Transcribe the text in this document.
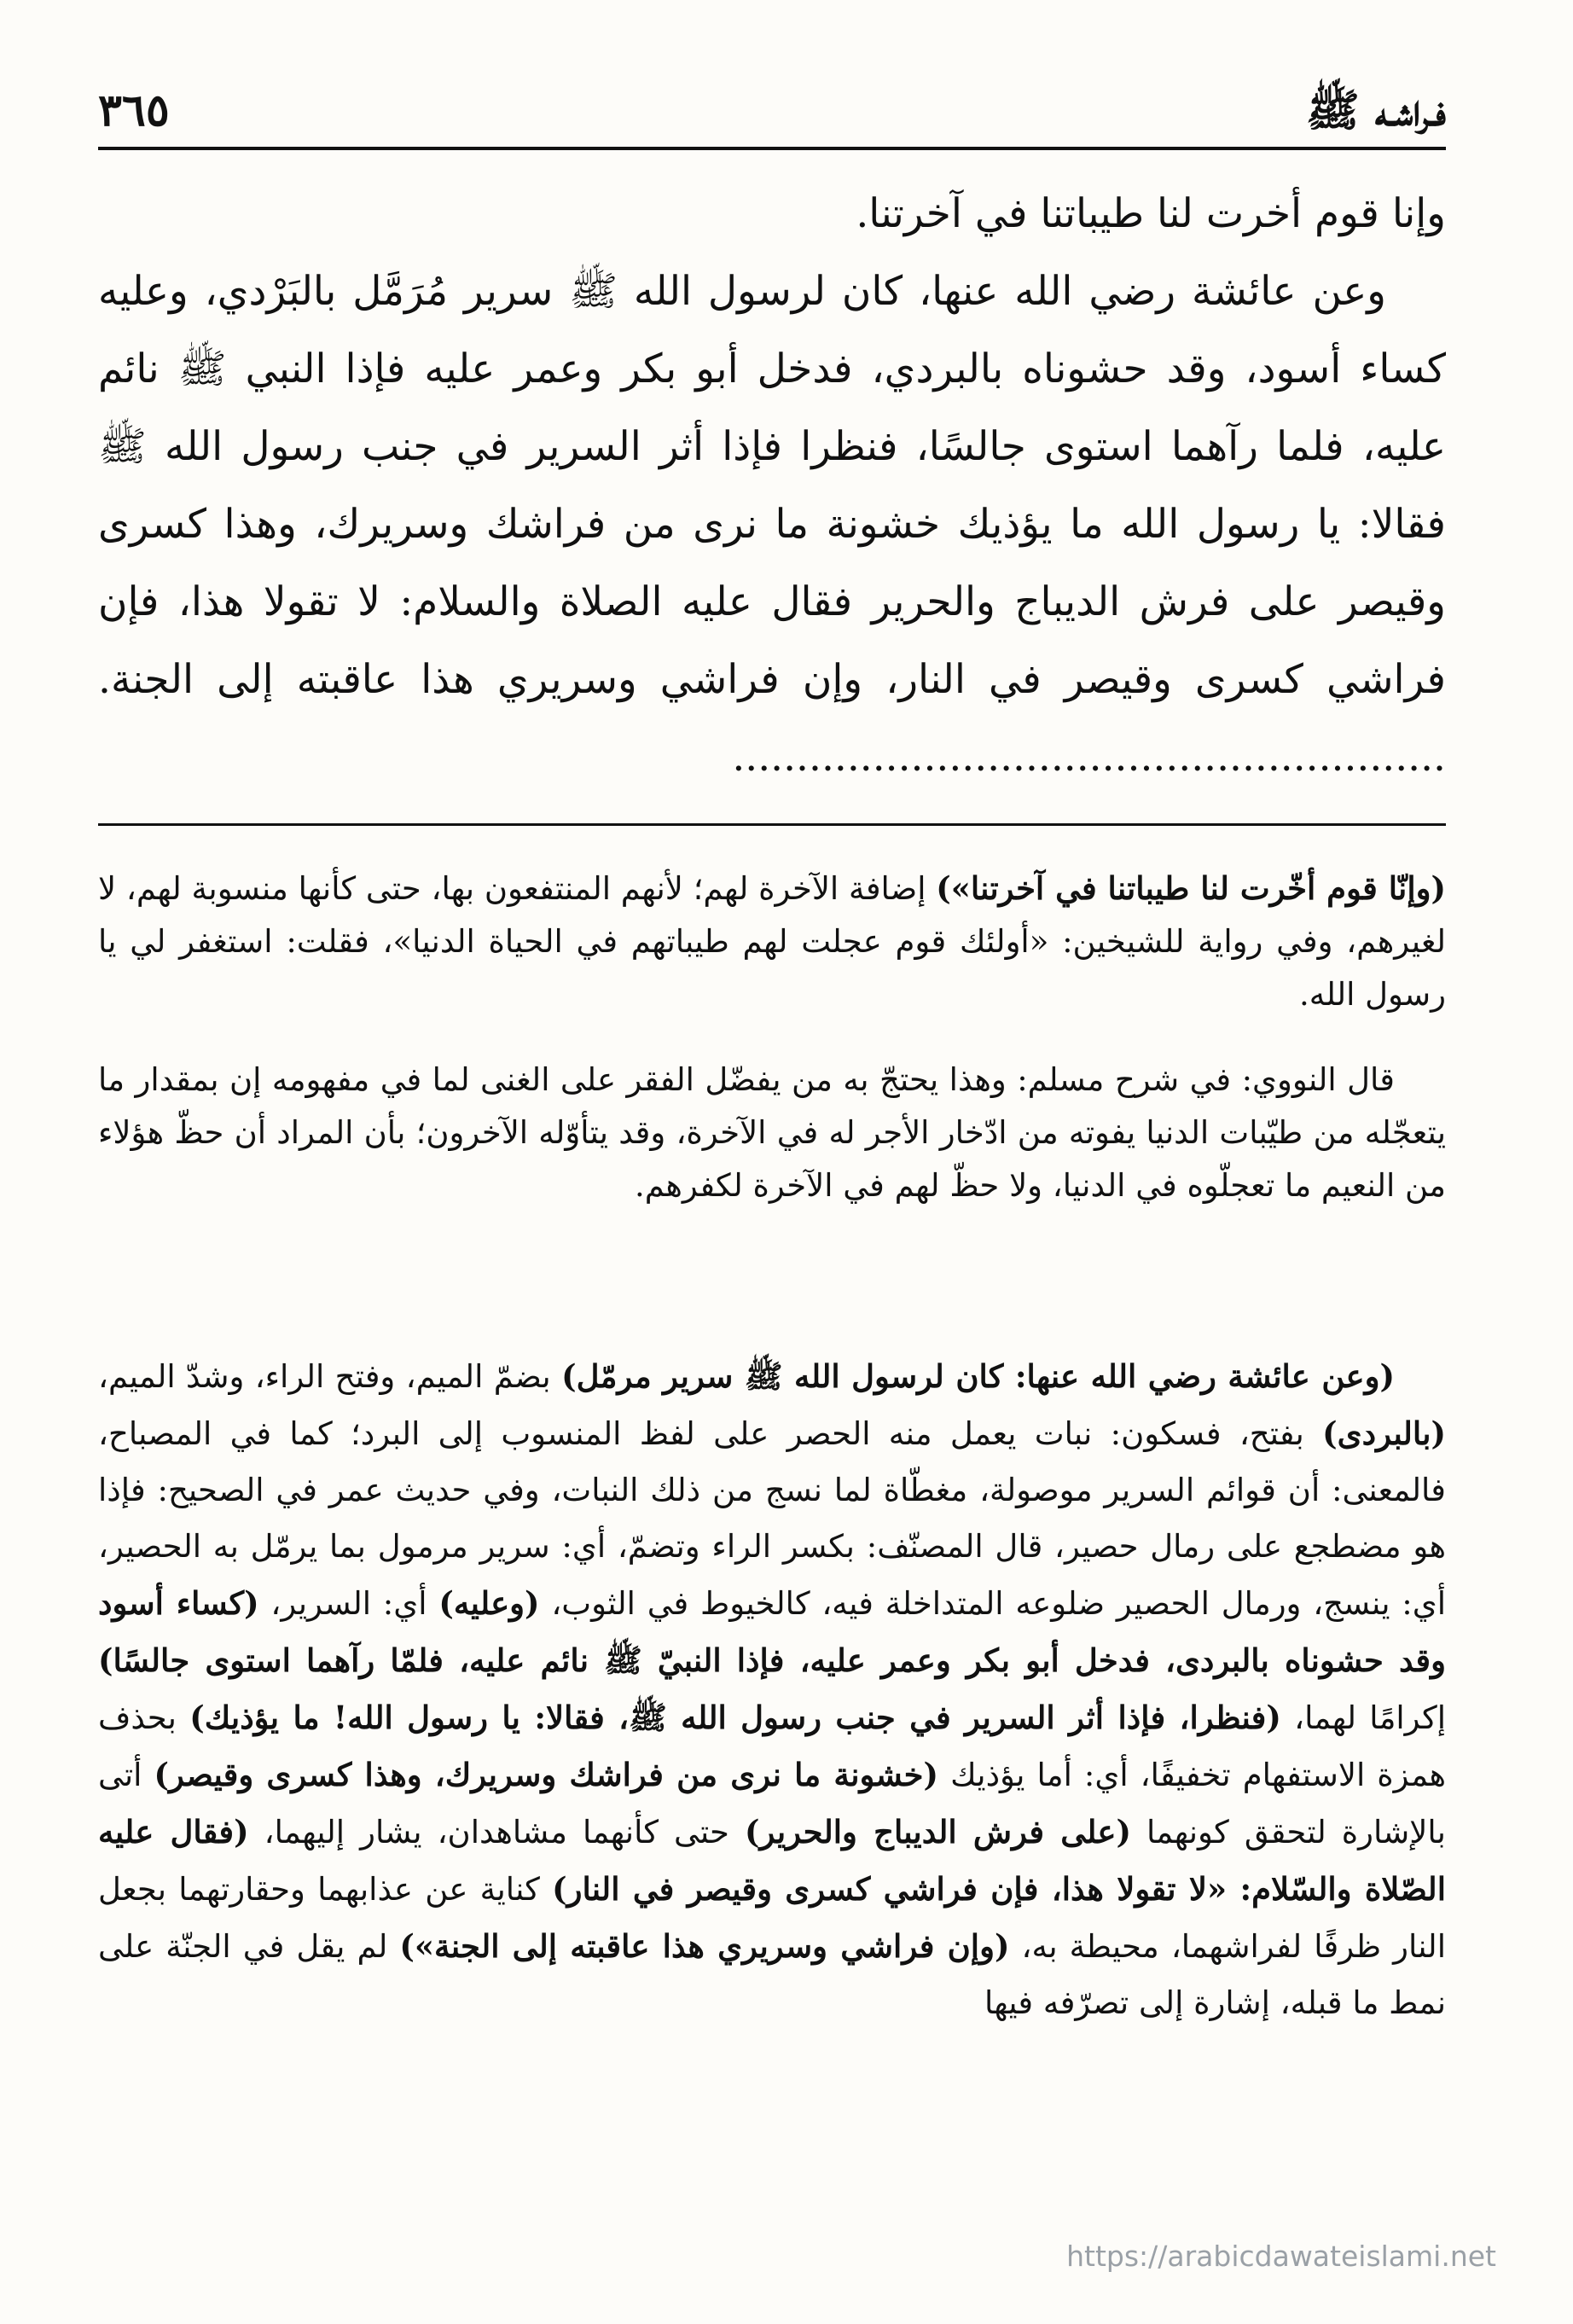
فـراشـه ﷺ
٣٦٥

وإنا قوم أخرت لنا طيباتنا في آخرتنا.

وعن عائشة رضي الله عنها، كان لرسول الله ﷺ سرير مُرَمَّل بالبَرْدي، وعليه كساء أسود، وقد حشوناه بالبردي، فدخل أبو بكر وعمر عليه فإذا النبي ﷺ نائم عليه، فلما رآهما استوى جالسًا، فنظرا فإذا أثر السرير في جنب رسول الله ﷺ فقالا: يا رسول الله ما يؤذيك خشونة ما نرى من فراشك وسريرك، وهذا كسرى وقيصر على فرش الديباج والحرير فقال عليه الصلاة والسلام: لا تقولا هذا، فإن فراشي كسرى وقيصر في النار، وإن فراشي وسريري هذا عاقبته إلى الجنة. ........................................................

(وإنّا قوم أخّرت لنا طيباتنا في آخرتنا») إضافة الآخرة لهم؛ لأنهم المنتفعون بها، حتى كأنها منسوبة لهم، لا لغيرهم، وفي رواية للشيخين: «أولئك قوم عجلت لهم طيباتهم في الحياة الدنيا»، فقلت: استغفر لي يا رسول الله.

قال النووي: في شرح مسلم: وهذا يحتجّ به من يفضّل الفقر على الغنى لما في مفهومه إن بمقدار ما يتعجّله من طيّبات الدنيا يفوته من ادّخار الأجر له في الآخرة، وقد يتأوّله الآخرون؛ بأن المراد أن حظّ هؤلاء من النعيم ما تعجلّوه في الدنيا، ولا حظّ لهم في الآخرة لكفرهم.

(وعن عائشة رضي الله عنها: كان لرسول الله ﷺ سرير مرمّل) بضمّ الميم، وفتح الراء، وشدّ الميم، (بالبردى) بفتح، فسكون: نبات يعمل منه الحصر على لفظ المنسوب إلى البرد؛ كما في المصباح، فالمعنى: أن قوائم السرير موصولة، مغطّاة لما نسج من ذلك النبات، وفي حديث عمر في الصحيح: فإذا هو مضطجع على رمال حصير، قال المصنّف: بكسر الراء وتضمّ، أي: سرير مرمول بما يرمّل به الحصير، أي: ينسج، ورمال الحصير ضلوعه المتداخلة فيه، كالخيوط في الثوب، (وعليه) أي: السرير، (كساء أسود وقد حشوناه بالبردى، فدخل أبو بكر وعمر عليه، فإذا النبيّ ﷺ نائم عليه، فلمّا رآهما استوى جالسًا) إكرامًا لهما، (فنظرا، فإذا أثر السرير في جنب رسول الله ﷺ، فقالا: يا رسول الله! ما يؤذيك) بحذف همزة الاستفهام تخفيفًا، أي: أما يؤذيك (خشونة ما نرى من فراشك وسريرك، وهذا كسرى وقيصر) أتى بالإشارة لتحقق كونهما (على فرش الديباج والحرير) حتى كأنهما مشاهدان، يشار إليهما، (فقال عليه الصّلاة والسّلام: «لا تقولا هذا، فإن فراشي كسرى وقيصر في النار) كناية عن عذابهما وحقارتهما بجعل النار ظرفًا لفراشهما، محيطة به، (وإن فراشي وسريري هذا عاقبته إلى الجنة») لم يقل في الجنّة على نمط ما قبله، إشارة إلى تصرّفه فيها

https://arabicdawateislami.net
